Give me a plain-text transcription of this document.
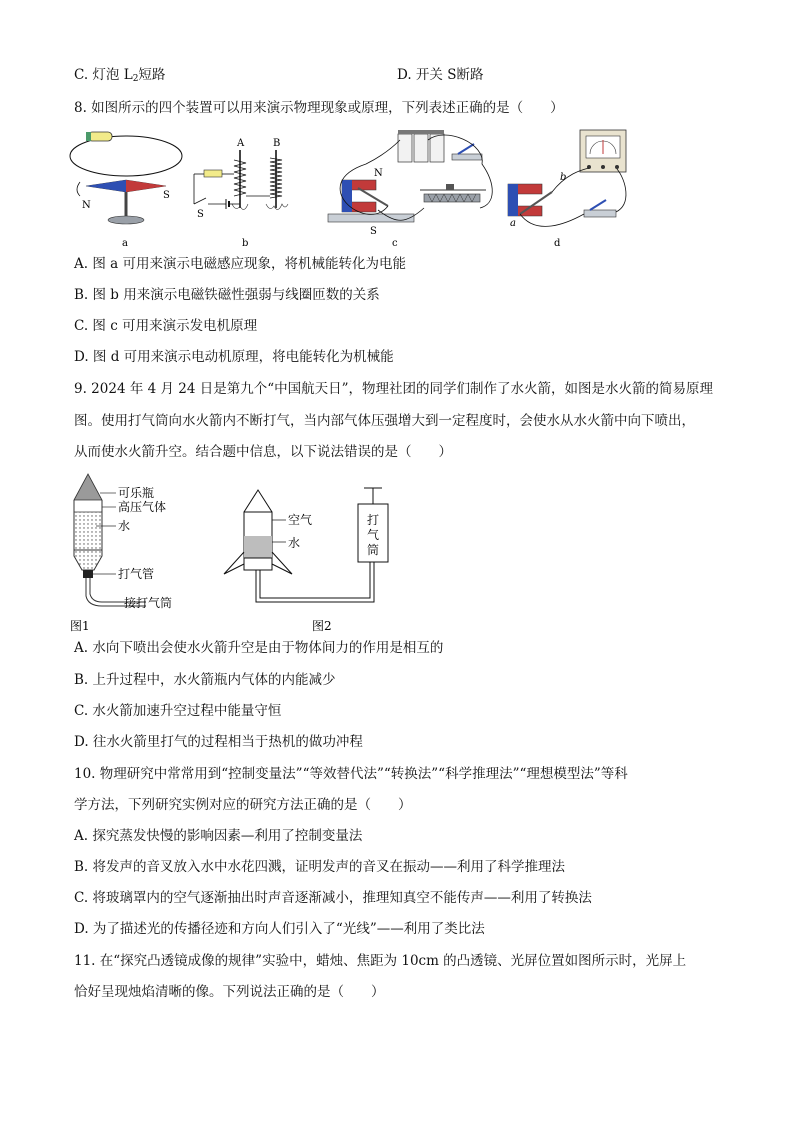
C. 灯泡 $L_2$短路	D. 开关 S断路
8. 如图所示的四个装置可以用来演示物理现象或原理，下列表述正确的是（　　）
N
S
a
A	B
S
b
N
S
c
a
b
d
A. 图 a 可用来演示电磁感应现象，将机械能转化为电能
B. 图 b 用来演示电磁铁磁性强弱与线圈匝数的关系
C. 图 c 可用来演示发电机原理
D. 图 d 可用来演示电动机原理，将电能转化为机械能
9. 2024 年 4 月 24 日是第九个“中国航天日”，物理社团的同学们制作了水火箭，如图是水火箭的简易原理
图。使用打气筒向水火箭内不断打气，当内部气体压强增大到一定程度时，会使水从水火箭中向下喷出，
从而使水火箭升空。结合题中信息，以下说法错误的是（　　）
可乐瓶
高压气体
水
打气管
接打气筒
图1
空气
水
打
气
筒
图2
A. 水向下喷出会使水火箭升空是由于物体间力的作用是相互的
B. 上升过程中，水火箭瓶内气体的内能减少
C. 水火箭加速升空过程中能量守恒
D. 往水火箭里打气的过程相当于热机的做功冲程
10. 物理研究中常常用到“控制变量法”“等效替代法”“转换法”“科学推理法”“理想模型法”等科
学方法，下列研究实例对应的研究方法正确的是（　　）
A. 探究蒸发快慢的影响因素—利用了控制变量法
B. 将发声的音叉放入水中水花四溅，证明发声的音叉在振动——利用了科学推理法
C. 将玻璃罩内的空气逐渐抽出时声音逐渐减小，推理知真空不能传声——利用了转换法
D. 为了描述光的传播径迹和方向人们引入了“光线”——利用了类比法
11. 在“探究凸透镜成像的规律”实验中，蜡烛、焦距为 10cm 的凸透镜、光屏位置如图所示时，光屏上
恰好呈现烛焰清晰的像。下列说法正确的是（　　）
